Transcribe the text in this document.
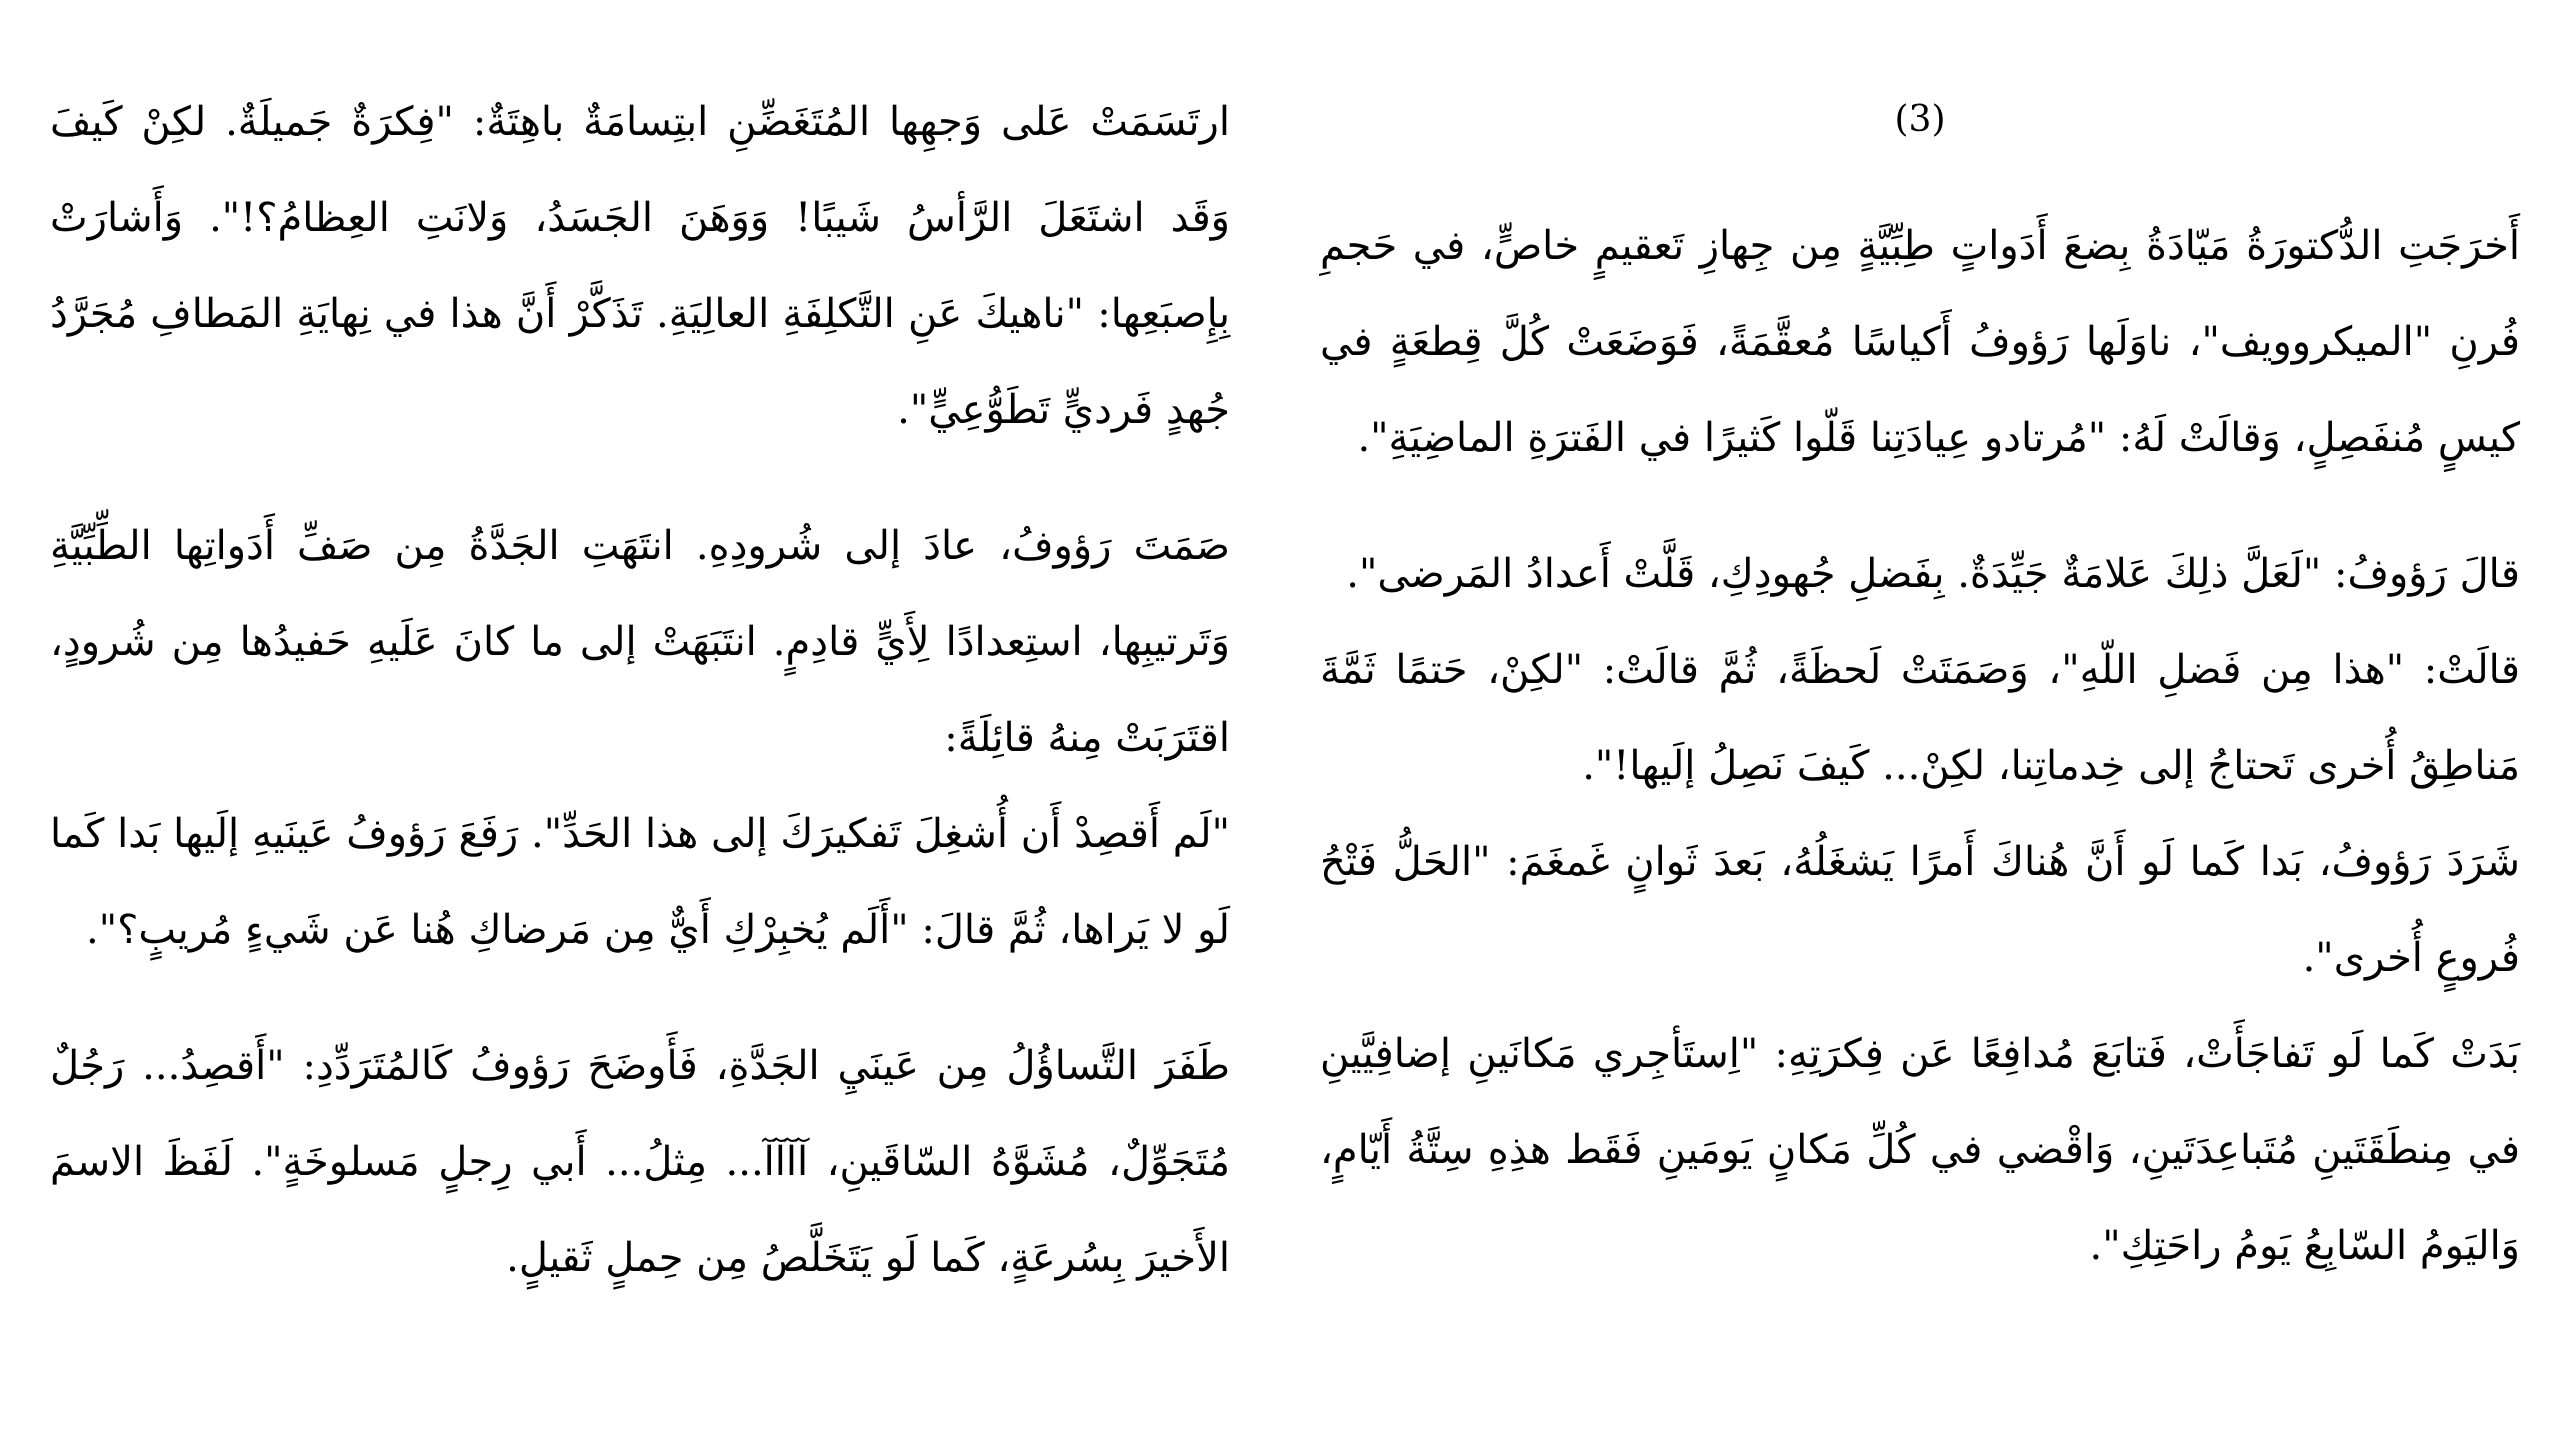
(3)

أَخرَجَتِ الدُّكتورَةُ مَيّادَةُ بِضعَ أَدَواتٍ طِبِّيَّةٍ مِن جِهازِ تَعقيمٍ خاصٍّ، في حَجمِ فُرنِ "الميكروويف"، ناوَلَها رَؤوفُ أَكياسًا مُعقَّمَةً، فَوَضَعَتْ كُلَّ قِطعَةٍ في كيسٍ مُنفَصِلٍ، وَقالَتْ لَهُ: "مُرتادو عِيادَتِنا قَلّوا كَثيرًا في الفَترَةِ الماضِيَةِ".

قالَ رَؤوفُ: "لَعَلَّ ذلِكَ عَلامَةٌ جَيِّدَةٌ. بِفَضلِ جُهودِكِ، قَلَّتْ أَعدادُ المَرضى".

قالَتْ: "هذا مِن فَضلِ اللّهِ"، وَصَمَتَتْ لَحظَةً، ثُمَّ قالَتْ: "لكِنْ، حَتمًا ثَمَّةَ مَناطِقُ أُخرى تَحتاجُ إلى خِدماتِنا، لكِنْ... كَيفَ نَصِلُ إلَيها!".

شَرَدَ رَؤوفُ، بَدا كَما لَو أَنَّ هُناكَ أَمرًا يَشغَلُهُ، بَعدَ ثَوانٍ غَمغَمَ: "الحَلُّ فَتْحُ فُروعٍ أُخرى".

بَدَتْ كَما لَو تَفاجَأَتْ، فَتابَعَ مُدافِعًا عَن فِكرَتِهِ: "اِستَأجِري مَكانَينِ إضافِيَّينِ في مِنطَقَتَينِ مُتَباعِدَتَينِ، وَاقْضي في كُلِّ مَكانٍ يَومَينِ فَقَط هذِهِ سِتَّةُ أَيّامٍ، وَاليَومُ السّابِعُ يَومُ راحَتِكِ".

ارتَسَمَتْ عَلى وَجهِها المُتَغَضِّنِ ابتِسامَةٌ باهِتَةٌ: "فِكرَةٌ جَميلَةٌ. لكِنْ كَيفَ وَقَد اشتَعَلَ الرَّأسُ شَيبًا! وَوَهَنَ الجَسَدُ، وَلانَتِ العِظامُ؟!". وَأَشارَتْ بِإِصبَعِها: "ناهيكَ عَنِ التَّكلِفَةِ العالِيَةِ. تَذَكَّرْ أَنَّ هذا في نِهايَةِ المَطافِ مُجَرَّدُ جُهدٍ فَرديٍّ تَطَوُّعِيٍّ".

صَمَتَ رَؤوفُ، عادَ إلى شُرودِهِ. انتَهَتِ الجَدَّةُ مِن صَفِّ أَدَواتِها الطِّبِّيَّةِ وَتَرتيبِها، استِعدادًا لِأَيٍّ قادِمٍ. انتَبَهَتْ إلى ما كانَ عَلَيهِ حَفيدُها مِن شُرودٍ، اقتَرَبَتْ مِنهُ قائِلَةً:

"لَم أَقصِدْ أَن أُشغِلَ تَفكيرَكَ إلى هذا الحَدِّ". رَفَعَ رَؤوفُ عَينَيهِ إلَيها بَدا كَما لَو لا يَراها، ثُمَّ قالَ: "أَلَم يُخبِرْكِ أَيٌّ مِن مَرضاكِ هُنا عَن شَيءٍ مُريبٍ؟".

طَفَرَ التَّساؤُلُ مِن عَينَيِ الجَدَّةِ، فَأَوضَحَ رَؤوفُ كَالمُتَرَدِّدِ: "أَقصِدُ... رَجُلٌ مُتَجَوِّلٌ، مُشَوَّهُ السّاقَينِ، آآآآ... مِثلُ... أَبي رِجلٍ مَسلوخَةٍ". لَفَظَ الاسمَ الأَخيرَ بِسُرعَةٍ، كَما لَو يَتَخَلَّصُ مِن حِملٍ ثَقيلٍ.
